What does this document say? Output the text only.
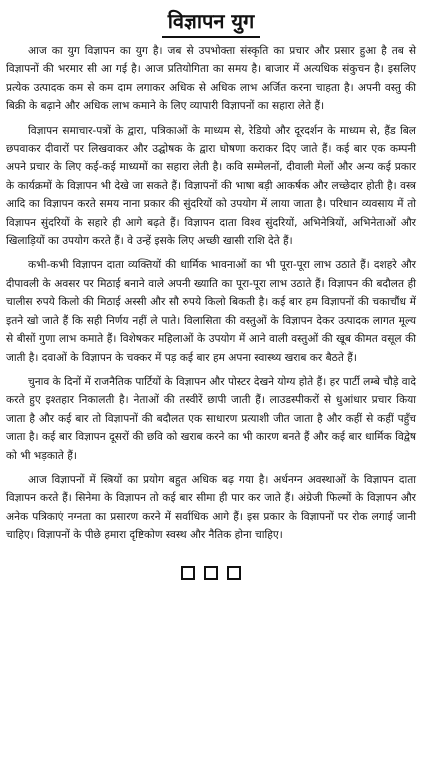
विज्ञापन युग

आज का युग विज्ञापन का युग है। जब से उपभोक्ता संस्कृति का प्रचार और प्रसार हुआ है तब से विज्ञापनों की भरमार सी आ गई है। आज प्रतियोगिता का समय है। बाजार में अत्यधिक संकुचन है। इसलिए प्रत्येक उत्पादक कम से कम दाम लगाकर अधिक से अधिक लाभ अर्जित करना चाहता है। अपनी वस्तु की बिक्री के बढ़ाने और अधिक लाभ कमाने के लिए व्यापारी विज्ञापनों का सहारा लेते हैं।

विज्ञापन समाचार-पत्रों के द्वारा, पत्रिकाओं के माध्यम से, रेडियो और दूरदर्शन के माध्यम से, हैंड बिल छपवाकर दीवारों पर लिखवाकर और उद्घोषक के द्वारा घोषणा कराकर दिए जाते हैं। कई बार एक कम्पनी अपने प्रचार के लिए कई-कई माध्यमों का सहारा लेती है। कवि सम्मेलनों, दीवाली मेलों और अन्य कई प्रकार के कार्यक्रमों के विज्ञापन भी देखे जा सकते हैं। विज्ञापनों की भाषा बड़ी आकर्षक और लच्छेदार होती है। वस्त्र आदि का विज्ञापन करते समय नाना प्रकार की सुंदरियों को उपयोग में लाया जाता है। परिधान व्यवसाय में तो विज्ञापन सुंदरियों के सहारे ही आगे बढ़ते हैं। विज्ञापन दाता विश्व सुंदरियों, अभिनेत्रियों, अभिनेताओं और खिलाड़ियों का उपयोग करते हैं। वे उन्हें इसके लिए अच्छी खासी राशि देते हैं।

कभी-कभी विज्ञापन दाता व्यक्तियों की धार्मिक भावनाओं का भी पूरा-पूरा लाभ उठाते हैं। दशहरे और दीपावली के अवसर पर मिठाई बनाने वाले अपनी ख्याति का पूरा-पूरा लाभ उठाते हैं। विज्ञापन की बदौलत ही चालीस रुपये किलो की मिठाई अस्सी और सौ रुपये किलो बिकती है। कई बार हम विज्ञापनों की चकाचौंध में इतने खो जाते हैं कि सही निर्णय नहीं ले पाते। विलासिता की वस्तुओं के विज्ञापन देकर उत्पादक लागत मूल्य से बीसों गुणा लाभ कमाते हैं। विशेषकर महिलाओं के उपयोग में आने वाली वस्तुओं की खूब कीमत वसूल की जाती है। दवाओं के विज्ञापन के चक्कर में पड़ कई बार हम अपना स्वास्थ्य खराब कर बैठते हैं।

चुनाव के दिनों में राजनैतिक पार्टियों के विज्ञापन और पोस्टर देखने योग्य होते हैं। हर पार्टी लम्बे चौड़े वादे करते हुए इश्तहार निकालती है। नेताओं की तस्वीरें छापी जाती हैं। लाउडस्पीकरों से धुआंधार प्रचार किया जाता है और कई बार तो विज्ञापनों की बदौलत एक साधारण प्रत्याशी जीत जाता है और कहीं से कहीं पहुँच जाता है। कई बार विज्ञापन दूसरों की छवि को खराब करने का भी कारण बनते हैं और कई बार धार्मिक विद्वेष को भी भड़काते हैं।

आज विज्ञापनों में स्त्रियों का प्रयोग बहुत अधिक बढ़ गया है। अर्धनग्न अवस्थाओं के विज्ञापन दाता विज्ञापन करते हैं। सिनेमा के विज्ञापन तो कई बार सीमा ही पार कर जाते हैं। अंग्रेजी फिल्मों के विज्ञापन और अनेक पत्रिकाएं नग्नता का प्रसारण करने में सर्वाधिक आगे हैं। इस प्रकार के विज्ञापनों पर रोक लगाई जानी चाहिए। विज्ञापनों के पीछे हमारा दृष्टिकोण स्वस्थ और नैतिक होना चाहिए।
